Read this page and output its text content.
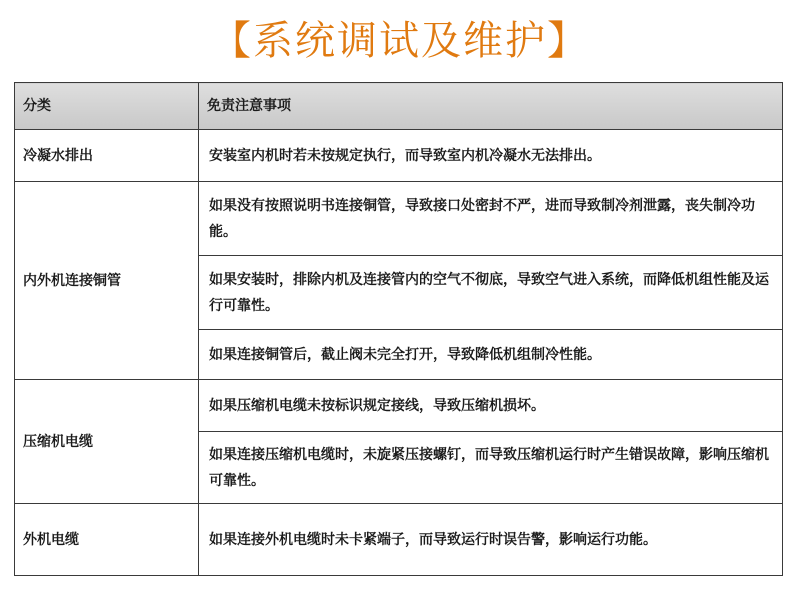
【系统调试及维护】
分类	免责注意事项
冷凝水排出	安装室内机时若未按规定执行，而导致室内机冷凝水无法排出。
内外机连接铜管	如果没有按照说明书连接铜管，导致接口处密封不严，进而导致制冷剂泄露，丧失制冷功能。
	如果安装时，排除内机及连接管内的空气不彻底，导致空气进入系统，而降低机组性能及运行可靠性。
	如果连接铜管后，截止阀未完全打开，导致降低机组制冷性能。
压缩机电缆	如果压缩机电缆未按标识规定接线，导致压缩机损坏。
	如果连接压缩机电缆时，未旋紧压接螺钉，而导致压缩机运行时产生错误故障，影响压缩机可靠性。
外机电缆	如果连接外机电缆时未卡紧端子，而导致运行时误告警，影响运行功能。
